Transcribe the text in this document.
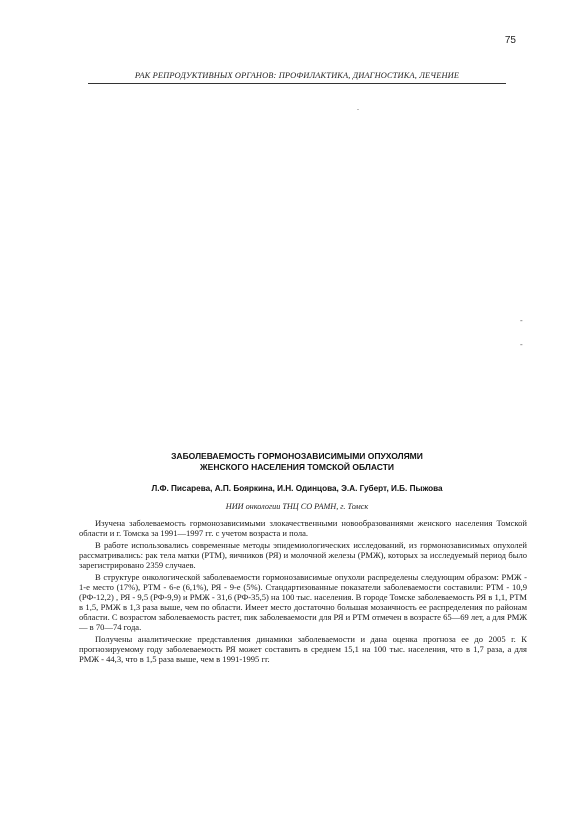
75
РАК РЕПРОДУКТИВНЫХ ОРГАНОВ: ПРОФИЛАКТИКА, ДИАГНОСТИКА, ЛЕЧЕНИЕ
.
-
-
ЗАБОЛЕВАЕМОСТЬ ГОРМОНОЗАВИСИМЫМИ ОПУХОЛЯМИ
ЖЕНСКОГО НАСЕЛЕНИЯ ТОМСКОЙ ОБЛАСТИ
Л.Ф. Писарева, А.П. Бояркина, И.Н. Одинцова, Э.А. Губерт, И.Б. Пыжова
НИИ онкологии ТНЦ СО РАМН, г. Томск

Изучена заболеваемость гормонозависимыми злокачественными новообразованиями женского населения Томской области и г. Томска за 1991—1997 гг. с учетом возраста и пола.

В работе использовались современные методы эпидемиологических исследований, из гормонозависимых опухолей рассматривались: рак тела матки (РТМ), яичников (РЯ) и молочной железы (РМЖ), которых за исследуемый период было зарегистрировано 2359 случаев.

В структуре онкологической заболеваемости гормонозависимые опухоли распределены следующим образом: РМЖ - 1-е место (17%), РТМ - 6-е (6,1%), РЯ - 9-е (5%). Стандартизованные показатели заболеваемости составили: РТМ - 10,9 (РФ-12,2) , РЯ - 9,5 (РФ-9,9) и РМЖ - 31,6 (РФ-35,5) на 100 тыс. населения. В городе Томске заболеваемость РЯ в 1,1, РТМ в 1,5, РМЖ в 1,3 раза выше, чем по области. Имеет место достаточно большая мозаичность ее распределения по районам области. С возрастом заболеваемость растет, пик заболеваемости для РЯ и РТМ отмечен в возрасте 65—69 лет, а для РМЖ — в 70—74 года.

Получены аналитические представления динамики заболеваемости и дана оценка прогноза ее до 2005 г. К прогнозируемому году заболеваемость РЯ может составить в среднем 15,1 на 100 тыс. населения, что в 1,7 раза, а для РМЖ - 44,3, что в 1,5 раза выше, чем в 1991-1995 гг.
